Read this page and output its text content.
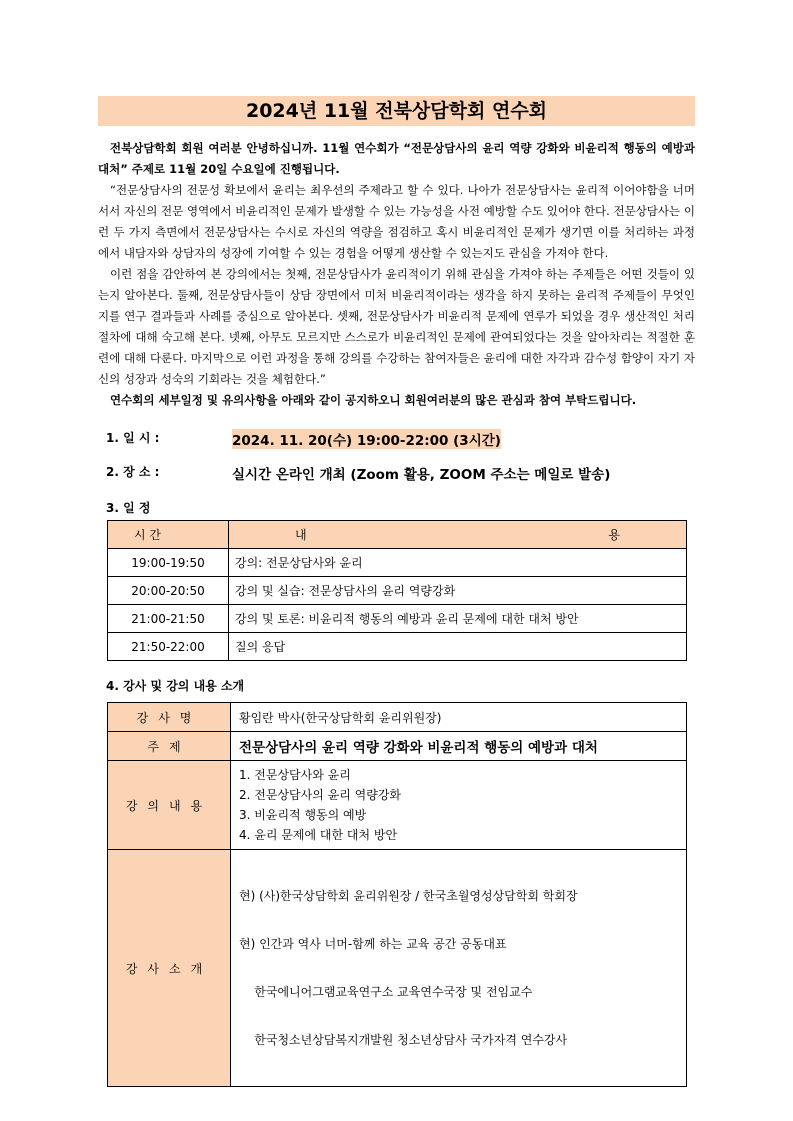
2024년 11월 전북상담학회 연수회

전북상담학회 회원 여러분 안녕하십니까. 11월 연수회가 “전문상담사의 윤리 역량 강화와 비윤리적 행동의 예방과 대처” 주제로 11월 20일 수요일에 진행됩니다.

“전문상담사의 전문성 확보에서 윤리는 최우선의 주제라고 할 수 있다. 나아가 전문상담사는 윤리적 이어야함을 너머서서 자신의 전문 영역에서 비윤리적인 문제가 발생할 수 있는 가능성을 사전 예방할 수도 있어야 한다. 전문상담사는 이런 두 가지 측면에서 전문상담사는 수시로 자신의 역량을 점검하고 혹시 비윤리적인 문제가 생기면 이를 처리하는 과정에서 내담자와 상담자의 성장에 기여할 수 있는 경험을 어떻게 생산할 수 있는지도 관심을 가져야 한다.

이런 점을 감안하여 본 강의에서는 첫째, 전문상담사가 윤리적이기 위해 관심을 가져야 하는 주제들은 어떤 것들이 있는지 알아본다. 둘째, 전문상담사들이 상담 장면에서 미처 비윤리적이라는 생각을 하지 못하는 윤리적 주제들이 무엇인지를 연구 결과들과 사례를 중심으로 알아본다. 셋째, 전문상담사가 비윤리적 문제에 연루가 되었을 경우 생산적인 처리 절차에 대해 숙고해 본다. 넷째, 아무도 모르지만 스스로가 비윤리적인 문제에 관여되었다는 것을 알아차리는 적절한 훈련에 대해 다룬다. 마지막으로 이런 과정을 통해 강의를 수강하는 참여자들은 윤리에 대한 자각과 감수성 함양이 자기 자신의 성장과 성숙의 기회라는 것을 체험한다.”

연수회의 세부일정 및 유의사항을 아래와 같이 공지하오니 회원여러분의 많은 관심과 참여 부탁드립니다.

1. 일 시 :	2024. 11. 20(수) 19:00-22:00 (3시간)
2. 장 소 :	실시간 온라인 개최 (Zoom 활용, ZOOM 주소는 메일로 발송)
3. 일 정
시 간	내 용

19:00-19:50	강의: 전문상담사와 윤리
20:00-20:50	강의 및 실습: 전문상담사의 윤리 역량강화
21:00-21:50	강의 및 토론: 비윤리적 행동의 예방과 윤리 문제에 대한 대처 방안
21:50-22:00	질의 응답
4. 강사 및 강의 내용 소개
강사명	황임란 박사(한국상담학회 윤리위원장)
주제	전문상담사의 윤리 역량 강화와 비윤리적 행동의 예방과 대처
강의내용	1. 전문상담사와 윤리
2. 전문상담사의 윤리 역량강화
3. 비윤리적 행동의 예방
4. 윤리 문제에 대한 대처 방안

강사소개	현) (사)한국상담학회 윤리위원장 / 한국초월영성상담학회 학회장

현) 인간과 역사 너머-함께 하는 교육 공간 공동대표

한국에니어그램교육연구소 교육연수국장 및 전임교수

한국청소년상담복지개발원 청소년상담사 국가자격 연수강사
